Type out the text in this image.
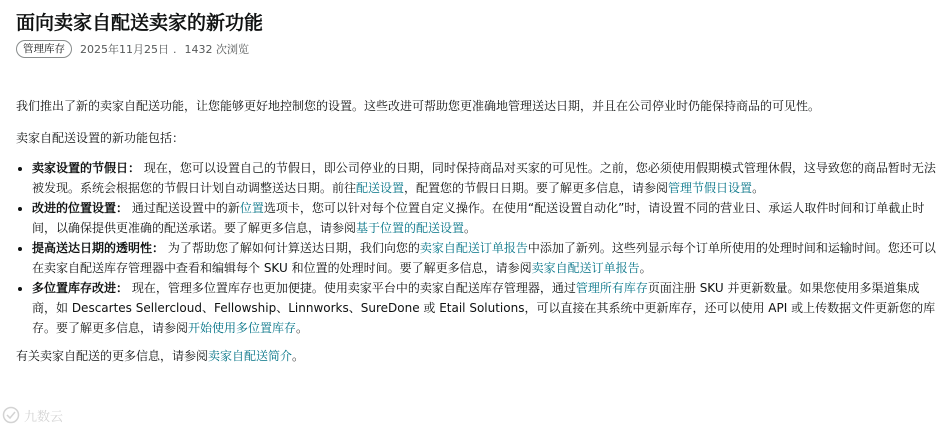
面向卖家自配送卖家的新功能
管理库存	2025年11月25日 . 1432 次浏览

我们推出了新的卖家自配送功能，让您能够更好地控制您的设置。这些改进可帮助您更准确地管理送达日期，并且在公司停业时仍能保持商品的可见性。

卖家自配送设置的新功能包括：

• 卖家设置的节假日： 现在，您可以设置自己的节假日，即公司停业的日期，同时保持商品对买家的可见性。之前，您必须使用假期模式管理休假，这导致您的商品暂时无法被发现。系统会根据您的节假日计划自动调整送达日期。前往配送设置，配置您的节假日日期。要了解更多信息，请参阅管理节假日设置。
• 改进的位置设置： 通过配送设置中的新位置选项卡，您可以针对每个位置自定义操作。在使用“配送设置自动化”时，请设置不同的营业日、承运人取件时间和订单截止时间，以确保提供更准确的配送承诺。要了解更多信息，请参阅基于位置的配送设置。
• 提高送达日期的透明性： 为了帮助您了解如何计算送达日期，我们向您的卖家自配送订单报告中添加了新列。这些列显示每个订单所使用的处理时间和运输时间。您还可以在卖家自配送库存管理器中查看和编辑每个 SKU 和位置的处理时间。要了解更多信息，请参阅卖家自配送订单报告。
• 多位置库存改进： 现在，管理多位置库存也更加便捷。使用卖家平台中的卖家自配送库存管理器，通过管理所有库存页面注册 SKU 并更新数量。如果您使用多渠道集成商，如 Descartes Sellercloud、Fellowship、Linnworks、SureDone 或 Etail Solutions，可以直接在其系统中更新库存，还可以使用 API 或上传数据文件更新您的库存。要了解更多信息，请参阅开始使用多位置库存。

有关卖家自配送的更多信息，请参阅卖家自配送简介。

九数云
